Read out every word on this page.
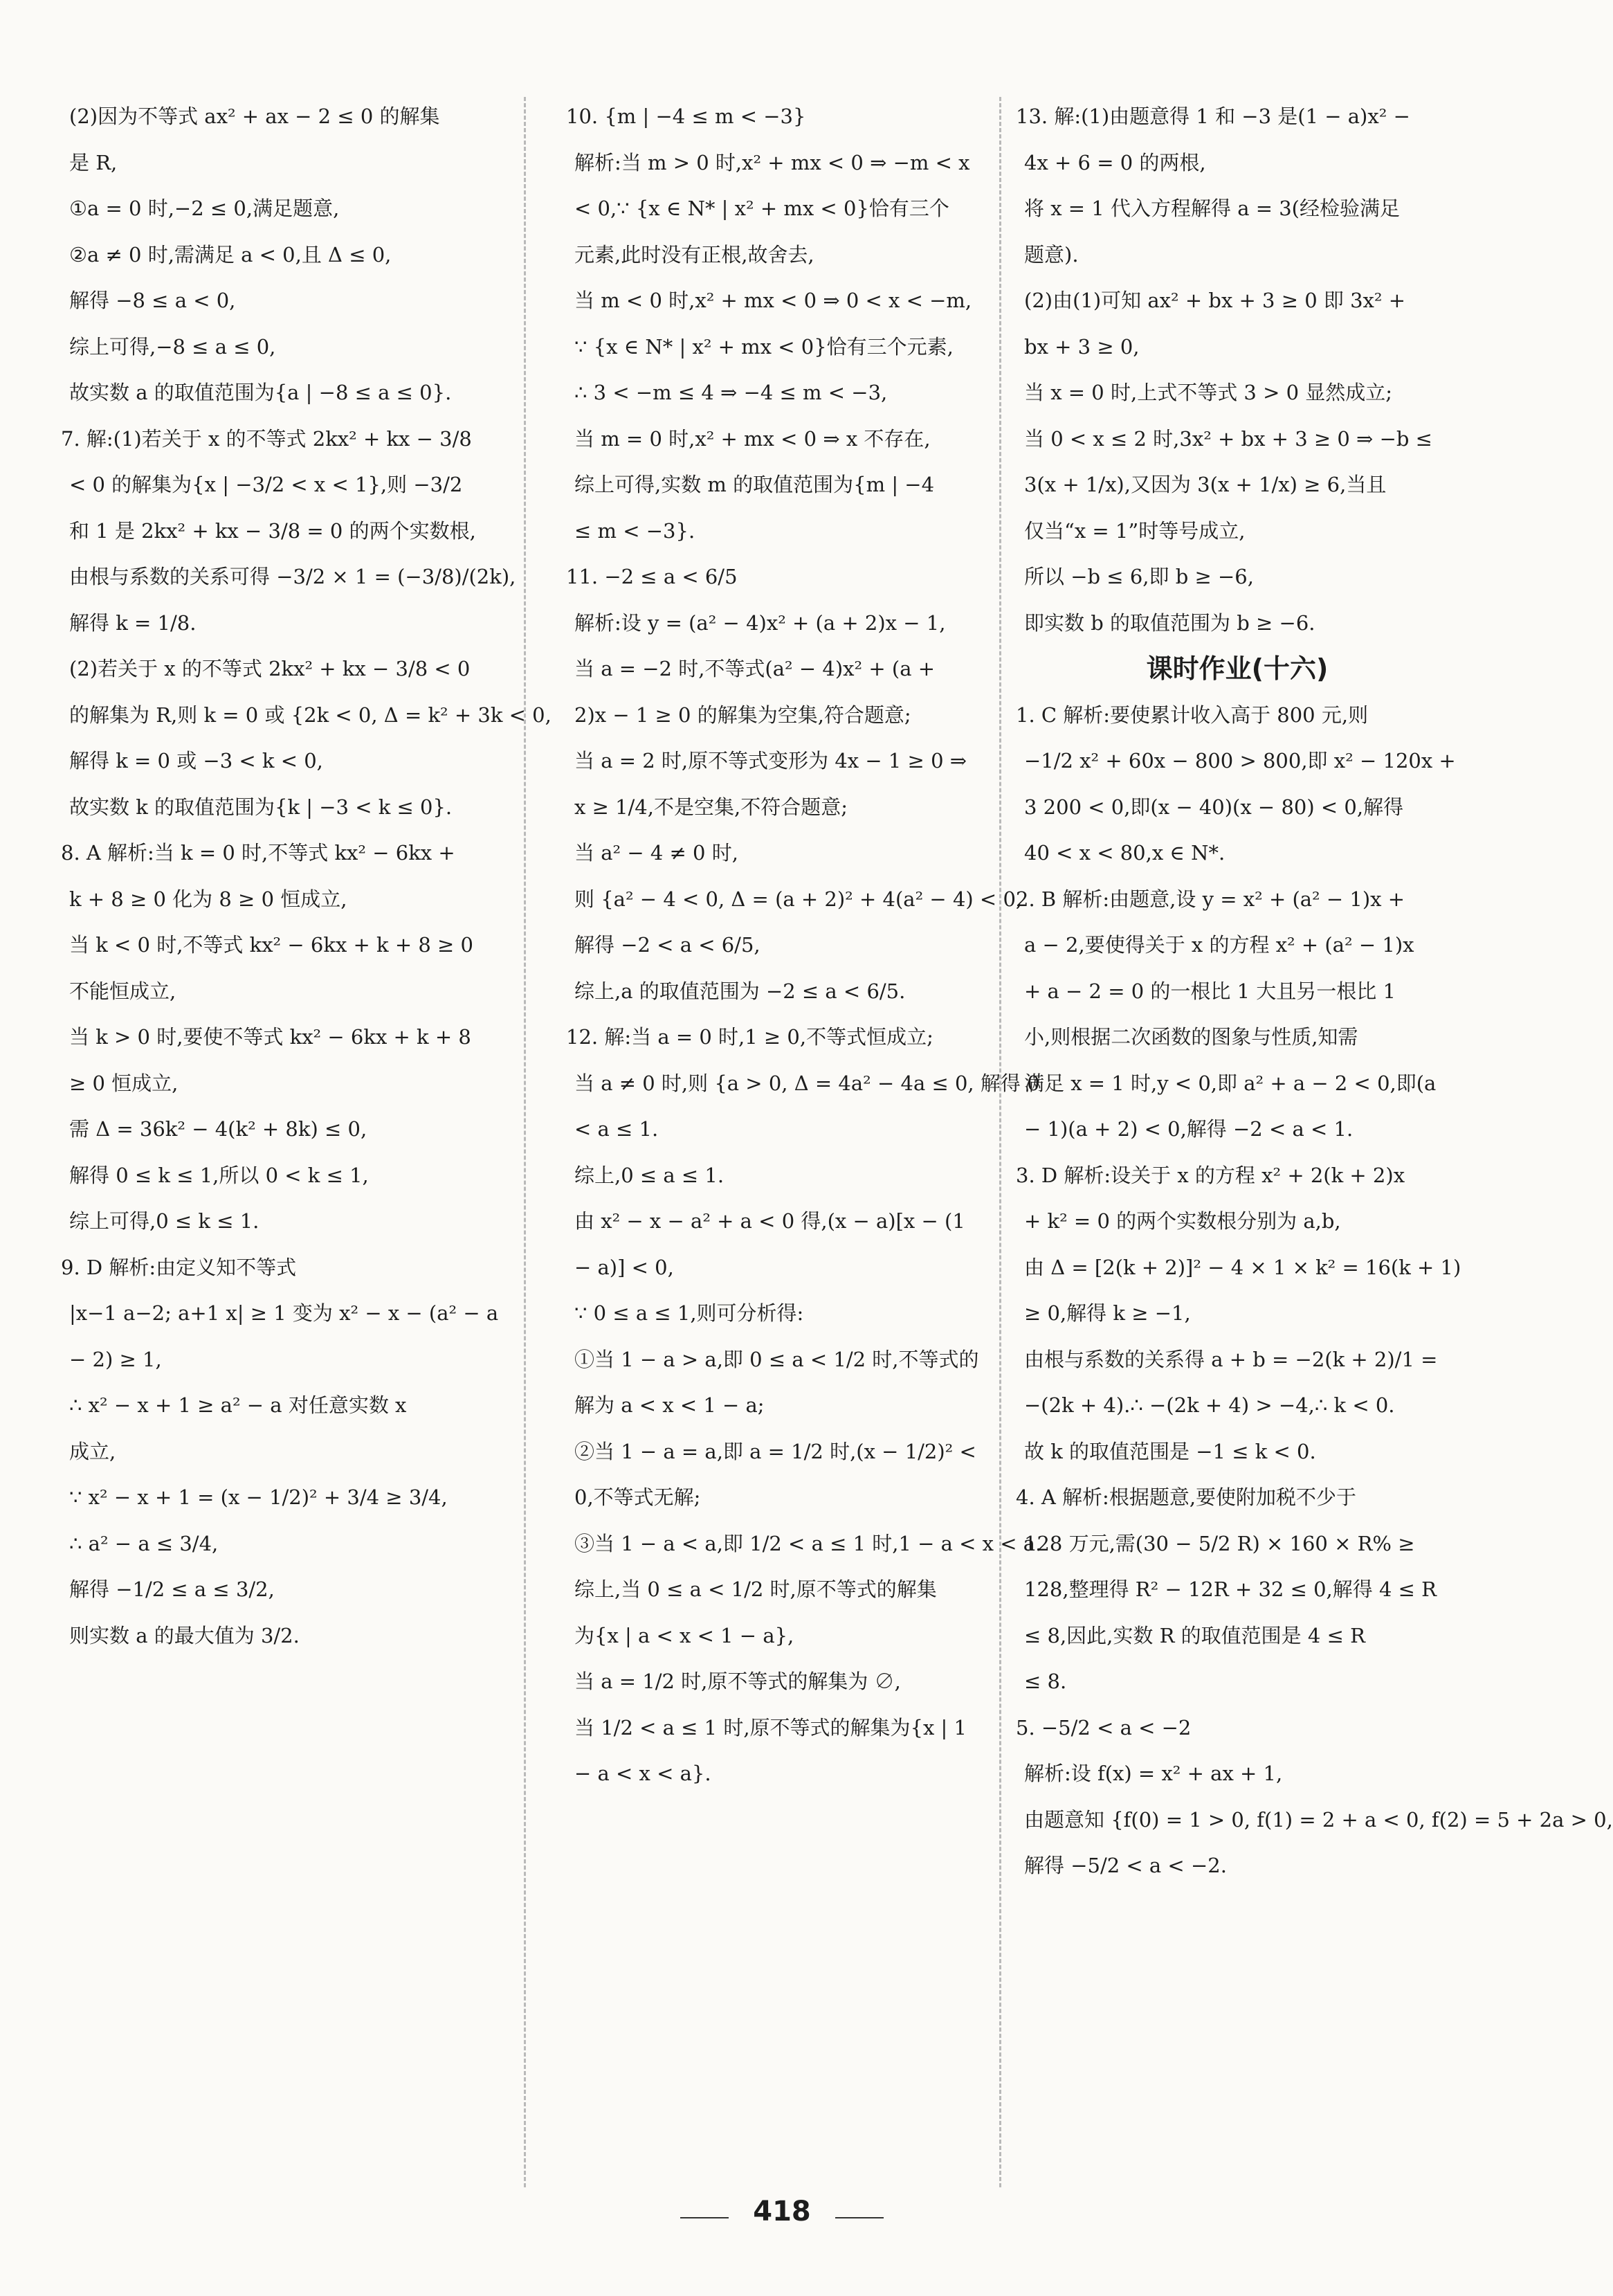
(2)因为不等式 ax² + ax − 2 ≤ 0 的解集
是 R,
①a = 0 时,−2 ≤ 0,满足题意,
②a ≠ 0 时,需满足 a < 0,且 Δ ≤ 0,
解得 −8 ≤ a < 0,
综上可得,−8 ≤ a ≤ 0,
故实数 a 的取值范围为{a | −8 ≤ a ≤ 0}.
7. 解:(1)若关于 x 的不等式 2kx² + kx − 3/8
< 0 的解集为{x | −3/2 < x < 1},则 −3/2
和 1 是 2kx² + kx − 3/8 = 0 的两个实数根,
由根与系数的关系可得 −3/2 × 1 = (−3/8)/(2k),
解得 k = 1/8.
(2)若关于 x 的不等式 2kx² + kx − 3/8 < 0
的解集为 R,则 k = 0 或 {2k < 0, Δ = k² + 3k < 0,
解得 k = 0 或 −3 < k < 0,
故实数 k 的取值范围为{k | −3 < k ≤ 0}.
8. A 解析:当 k = 0 时,不等式 kx² − 6kx +
k + 8 ≥ 0 化为 8 ≥ 0 恒成立,
当 k < 0 时,不等式 kx² − 6kx + k + 8 ≥ 0
不能恒成立,
当 k > 0 时,要使不等式 kx² − 6kx + k + 8
≥ 0 恒成立,
需 Δ = 36k² − 4(k² + 8k) ≤ 0,
解得 0 ≤ k ≤ 1,所以 0 < k ≤ 1,
综上可得,0 ≤ k ≤ 1.
9. D 解析:由定义知不等式
|x−1 a−2; a+1 x| ≥ 1 变为 x² − x − (a² − a
− 2) ≥ 1,
∴ x² − x + 1 ≥ a² − a 对任意实数 x
成立,
∵ x² − x + 1 = (x − 1/2)² + 3/4 ≥ 3/4,
∴ a² − a ≤ 3/4,
解得 −1/2 ≤ a ≤ 3/2,
则实数 a 的最大值为 3/2.
10. {m | −4 ≤ m < −3}
解析:当 m > 0 时,x² + mx < 0 ⇒ −m < x
< 0,∵ {x ∈ N* | x² + mx < 0}恰有三个
元素,此时没有正根,故舍去,
当 m < 0 时,x² + mx < 0 ⇒ 0 < x < −m,
∵ {x ∈ N* | x² + mx < 0}恰有三个元素,
∴ 3 < −m ≤ 4 ⇒ −4 ≤ m < −3,
当 m = 0 时,x² + mx < 0 ⇒ x 不存在,
综上可得,实数 m 的取值范围为{m | −4
≤ m < −3}.
11. −2 ≤ a < 6/5
解析:设 y = (a² − 4)x² + (a + 2)x − 1,
当 a = −2 时,不等式(a² − 4)x² + (a +
2)x − 1 ≥ 0 的解集为空集,符合题意;
当 a = 2 时,原不等式变形为 4x − 1 ≥ 0 ⇒
x ≥ 1/4,不是空集,不符合题意;
当 a² − 4 ≠ 0 时,
则 {a² − 4 < 0, Δ = (a + 2)² + 4(a² − 4) < 0,
解得 −2 < a < 6/5,
综上,a 的取值范围为 −2 ≤ a < 6/5.
12. 解:当 a = 0 时,1 ≥ 0,不等式恒成立;
当 a ≠ 0 时,则 {a > 0, Δ = 4a² − 4a ≤ 0, 解得 0
< a ≤ 1.
综上,0 ≤ a ≤ 1.
由 x² − x − a² + a < 0 得,(x − a)[x − (1
− a)] < 0,
∵ 0 ≤ a ≤ 1,则可分析得:
①当 1 − a > a,即 0 ≤ a < 1/2 时,不等式的
解为 a < x < 1 − a;
②当 1 − a = a,即 a = 1/2 时,(x − 1/2)² <
0,不等式无解;
③当 1 − a < a,即 1/2 < a ≤ 1 时,1 − a < x < a.
综上,当 0 ≤ a < 1/2 时,原不等式的解集
为{x | a < x < 1 − a},
当 a = 1/2 时,原不等式的解集为 ∅,
当 1/2 < a ≤ 1 时,原不等式的解集为{x | 1
− a < x < a}.
13. 解:(1)由题意得 1 和 −3 是(1 − a)x² −
4x + 6 = 0 的两根,
将 x = 1 代入方程解得 a = 3(经检验满足
题意).
(2)由(1)可知 ax² + bx + 3 ≥ 0 即 3x² +
bx + 3 ≥ 0,
当 x = 0 时,上式不等式 3 > 0 显然成立;
当 0 < x ≤ 2 时,3x² + bx + 3 ≥ 0 ⇒ −b ≤
3(x + 1/x),又因为 3(x + 1/x) ≥ 6,当且
仅当“x = 1”时等号成立,
所以 −b ≤ 6,即 b ≥ −6,
即实数 b 的取值范围为 b ≥ −6.
课时作业(十六)
1. C 解析:要使累计收入高于 800 元,则
−1/2 x² + 60x − 800 > 800,即 x² − 120x +
3 200 < 0,即(x − 40)(x − 80) < 0,解得
40 < x < 80,x ∈ N*.
2. B 解析:由题意,设 y = x² + (a² − 1)x +
a − 2,要使得关于 x 的方程 x² + (a² − 1)x
+ a − 2 = 0 的一根比 1 大且另一根比 1
小,则根据二次函数的图象与性质,知需
满足 x = 1 时,y < 0,即 a² + a − 2 < 0,即(a
− 1)(a + 2) < 0,解得 −2 < a < 1.
3. D 解析:设关于 x 的方程 x² + 2(k + 2)x
+ k² = 0 的两个实数根分别为 a,b,
由 Δ = [2(k + 2)]² − 4 × 1 × k² = 16(k + 1)
≥ 0,解得 k ≥ −1,
由根与系数的关系得 a + b = −2(k + 2)/1 =
−(2k + 4).∴ −(2k + 4) > −4,∴ k < 0.
故 k 的取值范围是 −1 ≤ k < 0.
4. A 解析:根据题意,要使附加税不少于
128 万元,需(30 − 5/2 R) × 160 × R% ≥
128,整理得 R² − 12R + 32 ≤ 0,解得 4 ≤ R
≤ 8,因此,实数 R 的取值范围是 4 ≤ R
≤ 8.
5. −5/2 < a < −2
解析:设 f(x) = x² + ax + 1,
由题意知 {f(0) = 1 > 0, f(1) = 2 + a < 0, f(2) = 5 + 2a > 0,
解得 −5/2 < a < −2.
418
